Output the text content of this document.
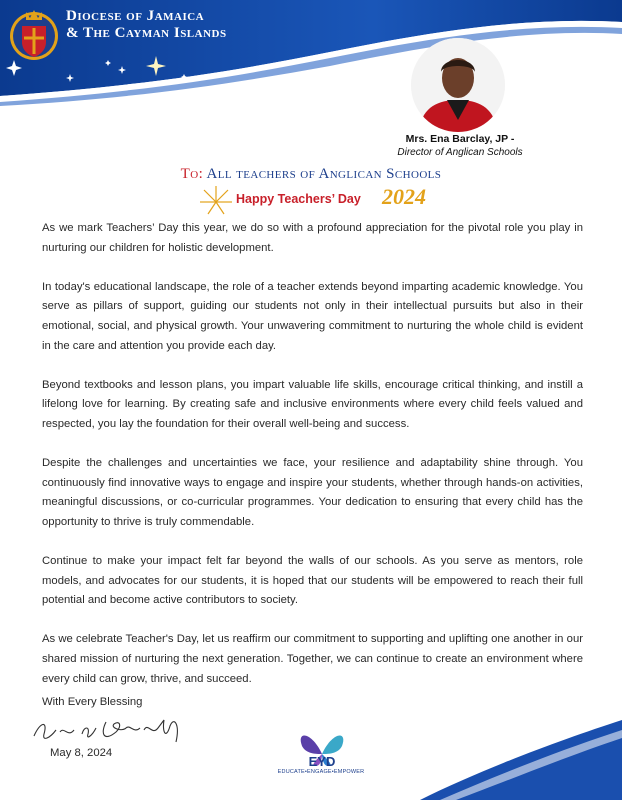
Diocese of Jamaica
& The Cayman Islands
Mrs. Ena Barclay, JP -
Director of Anglican Schools
To: All teachers of Anglican Schools
Happy Teachers’ Day 2024

As we mark Teachers’ Day this year, we do so with a profound appreciation for the pivotal role you play in nurturing our children for holistic development.

In today's educational landscape, the role of a teacher extends beyond imparting academic knowledge. You serve as pillars of support, guiding our students not only in their intellectual pursuits but also in their emotional, social, and physical growth. Your unwavering commitment to nurturing the whole child is evident in the care and attention you provide each day.

Beyond textbooks and lesson plans, you impart valuable life skills, encourage critical thinking, and instill a lifelong love for learning. By creating safe and inclusive environments where every child feels valued and respected, you lay the foundation for their overall well-being and success.

Despite the challenges and uncertainties we face, your resilience and adaptability shine through. You continuously find innovative ways to engage and inspire your students, whether through hands-on activities, meaningful discussions, or co-curricular programmes. Your dedication to ensuring that every child has the opportunity to thrive is truly commendable.

Continue to make your impact felt far beyond the walls of our schools. As you serve as mentors, role models, and advocates for our students, it is hoped that our students will be empowered to reach their full potential and become active contributors to society.

As we celebrate Teacher's Day, let us reaffirm our commitment to supporting and uplifting one another in our shared mission of nurturing the next generation. Together, we can continue to create an environment where every child can grow, thrive, and succeed.

With Every Blessing
May 8, 2024
EYD
EDUCATE•ENGAGE•EMPOWER
